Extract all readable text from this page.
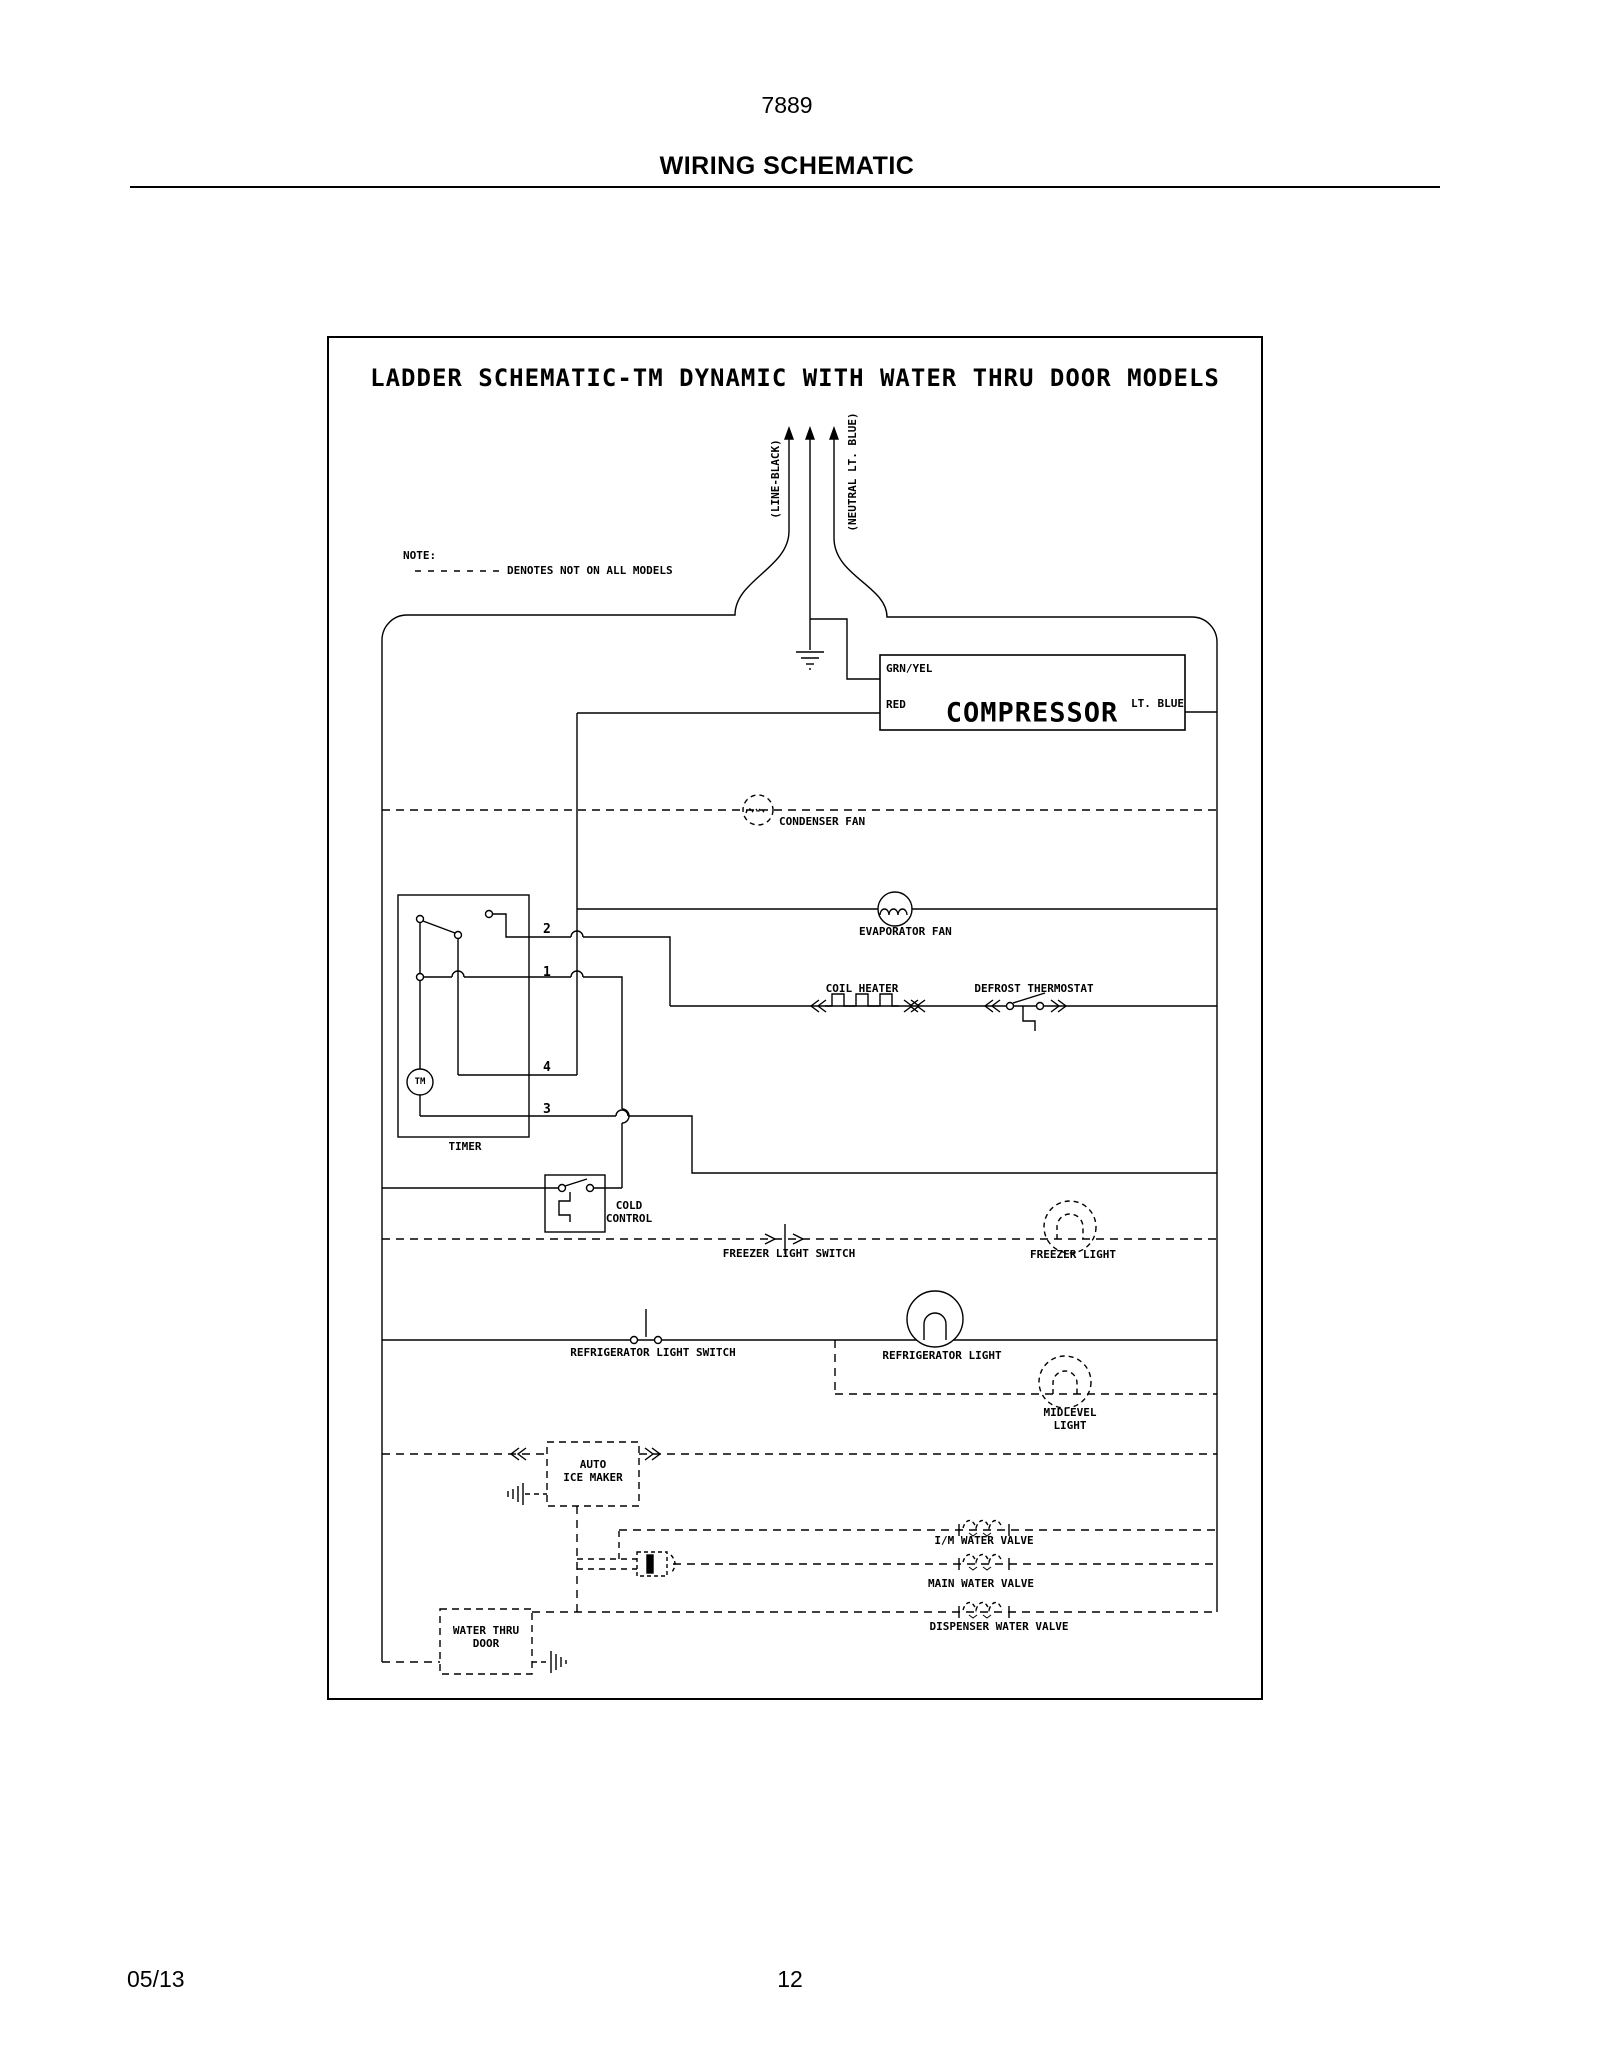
7889
WIRING SCHEMATIC
LADDER SCHEMATIC-TM DYNAMIC WITH WATER THRU DOOR MODELS
NOTE:
DENOTES NOT ON ALL MODELS
(LINE-BLACK)	(NEUTRAL LT. BLUE)
GRN/YEL
RED	LT. BLUE
COMPRESSOR
CONDENSER FAN
EVAPORATOR FAN
COIL HEATER	DEFROST THERMOSTAT
2
1
4
3
TIMER
TM
COLD
CONTROL
FREEZER LIGHT SWITCH	FREEZER LIGHT
REFRIGERATOR LIGHT SWITCH	REFRIGERATOR LIGHT
MIDLEVEL
LIGHT
AUTO
ICE MAKER
I/M WATER VALVE
MAIN WATER VALVE
DISPENSER WATER VALVE
WATER THRU
DOOR
05/13	12
